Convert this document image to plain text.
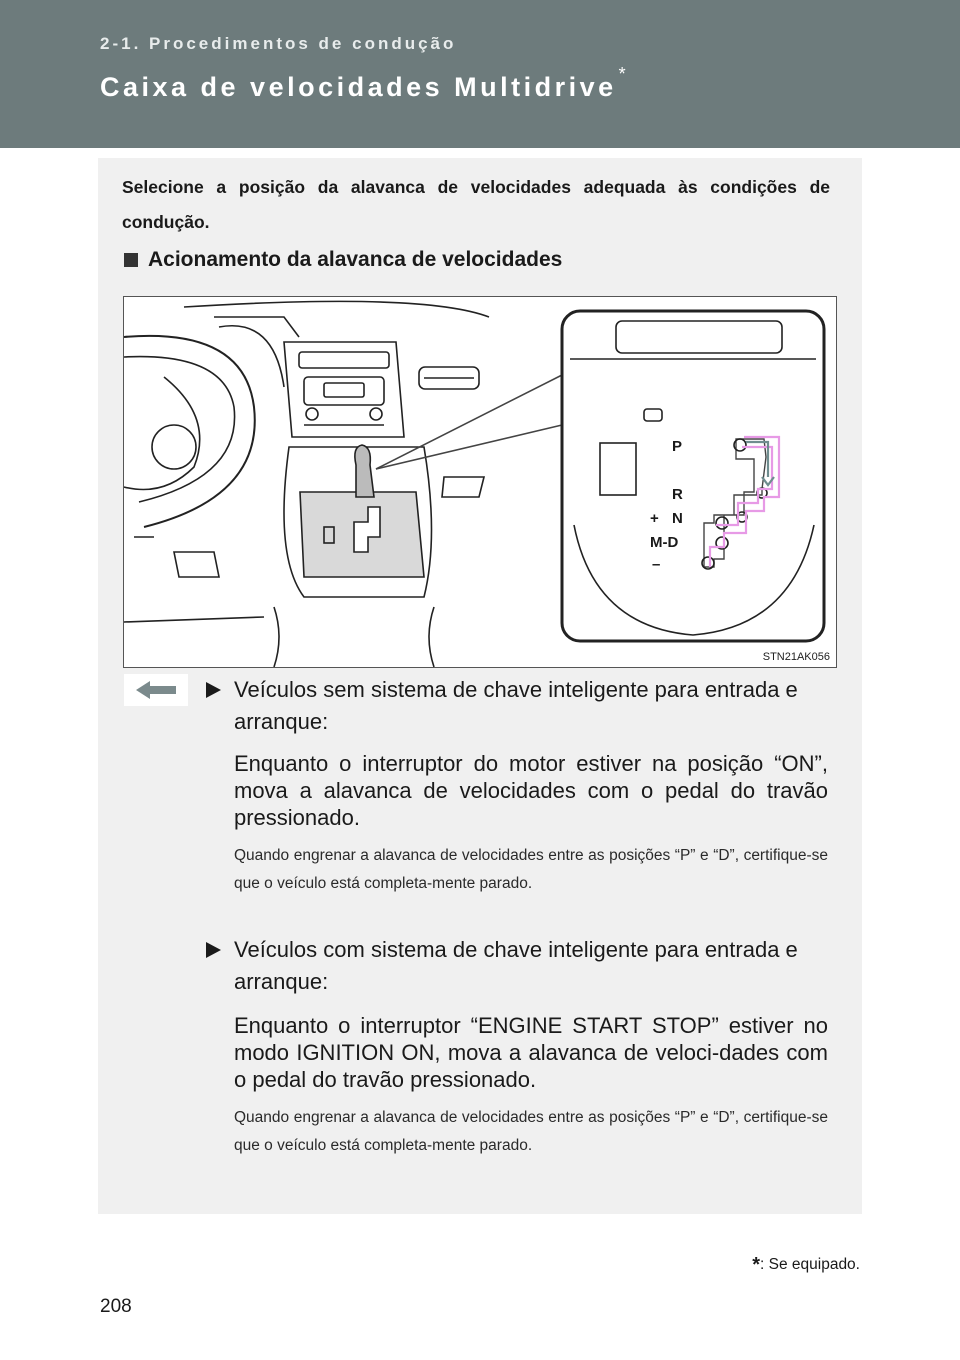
2-1. Procedimentos de condução
Caixa de velocidades Multidrive *
Selecione a posição da alavanca de velocidades adequada às condições de condução.
Acionamento da alavanca de velocidades
P
R
+ N
M-D
–
STN21AK056
Veículos sem sistema de chave inteligente para entrada e arranque:
Enquanto o interruptor do motor estiver na posição “ON”, mova a alavanca de velocidades com o pedal do travão pressionado.
Quando engrenar a alavanca de velocidades entre as posições “P” e “D”, certifique-se que o veículo está completa-mente parado.
Veículos com sistema de chave inteligente para entrada e arranque:
Enquanto o interruptor “ENGINE START STOP” estiver no modo IGNITION ON, mova a alavanca de veloci-dades com o pedal do travão pressionado.
Quando engrenar a alavanca de velocidades entre as posições “P” e “D”, certifique-se que o veículo está completa-mente parado.
*: Se equipado.
208
